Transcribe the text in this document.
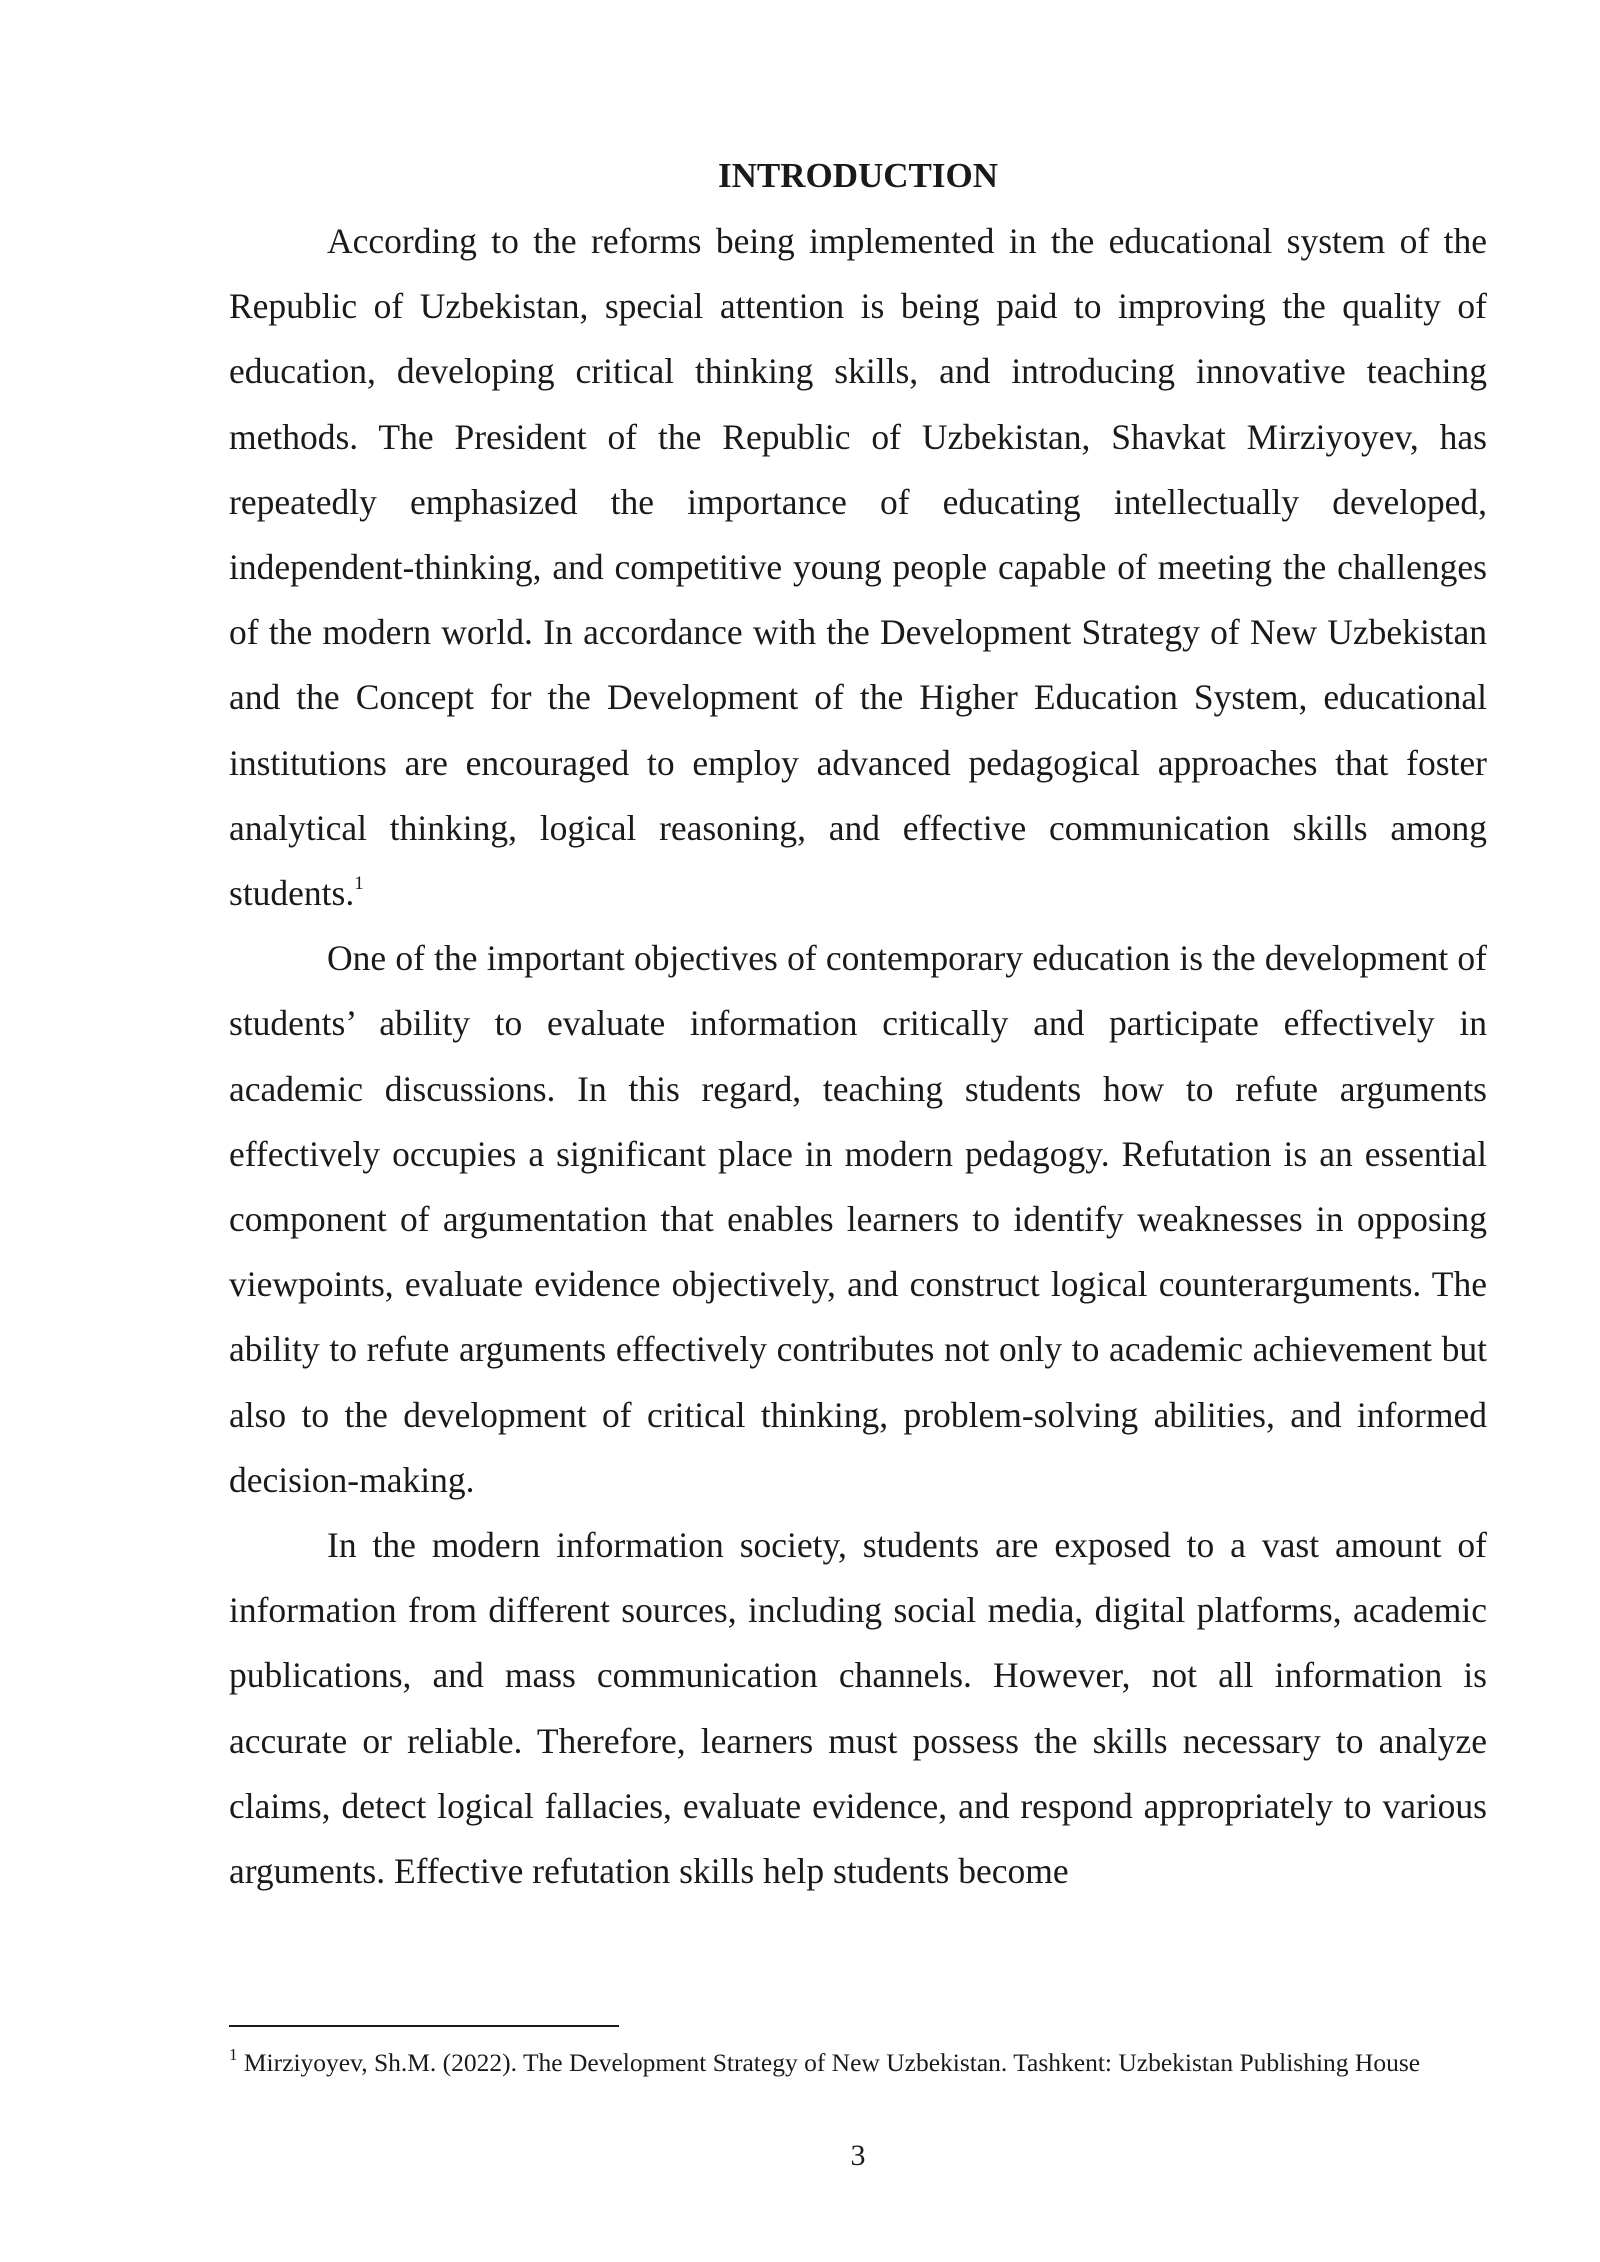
INTRODUCTION

According to the reforms being implemented in the educational system of the Republic of Uzbekistan, special attention is being paid to improving the quality of education, developing critical thinking skills, and introducing innovative teaching methods. The President of the Republic of Uzbekistan, Shavkat Mirziyoyev, has repeatedly emphasized the importance of educating intellectually developed, independent-thinking, and competitive young people capable of meeting the challenges of the modern world. In accordance with the Development Strategy of New Uzbekistan and the Concept for the Development of the Higher Education System, educational institutions are encouraged to employ advanced pedagogical approaches that foster analytical thinking, logical reasoning, and effective communication skills among students.$^1$

One of the important objectives of contemporary education is the development of students’ ability to evaluate information critically and participate effectively in academic discussions. In this regard, teaching students how to refute arguments effectively occupies a significant place in modern pedagogy. Refutation is an essential component of argumentation that enables learners to identify weaknesses in opposing viewpoints, evaluate evidence objectively, and construct logical counterarguments. The ability to refute arguments effectively contributes not only to academic achievement but also to the development of critical thinking, problem-solving abilities, and informed decision-making.

In the modern information society, students are exposed to a vast amount of information from different sources, including social media, digital platforms, academic publications, and mass communication channels. However, not all information is accurate or reliable. Therefore, learners must possess the skills necessary to analyze claims, detect logical fallacies, evaluate evidence, and respond appropriately to various arguments. Effective refutation skills help students become

$^1$ Mirziyoyev, Sh.M. (2022). The Development Strategy of New Uzbekistan. Tashkent: Uzbekistan Publishing House

3
